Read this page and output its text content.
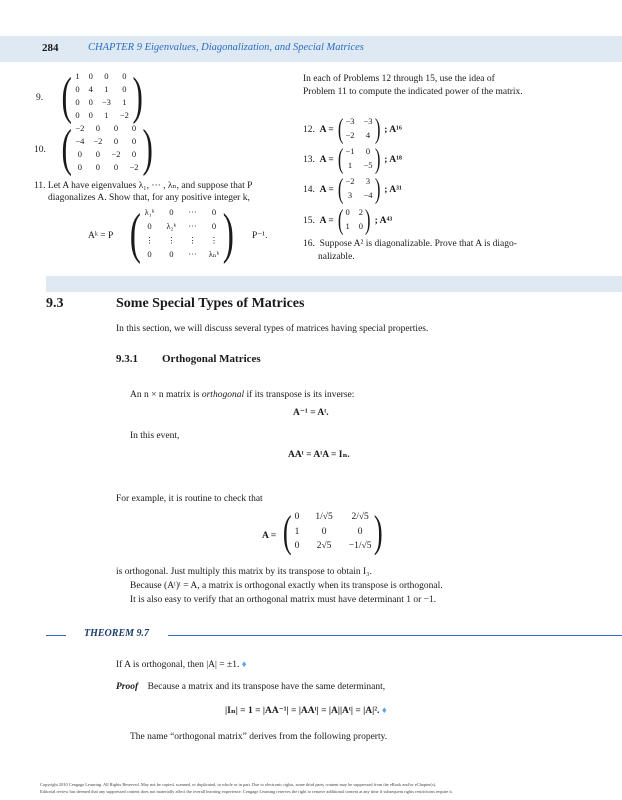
284	CHAPTER 9 Eigenvalues, Diagonalization, and Special Matrices
9. ( 1 0 0 0
0 4 1 0
0 0 −3 1
0 0 1 −2 )
10. ( −2 0 0 0
−4 −2 0 0
0 0 −2 0
0 0 0 −2 )
11. Let A have eigenvalues λ₁, ··· , λₙ, and suppose that P
diagonalizes A. Show that, for any positive integer k,
Aᵏ = P ( λ₁ᵏ	0	···	0
0	λ₂ᵏ ···	0
⋮ ⋮ ⋮ ⋮
0	0	··· λₙᵏ ) P⁻¹.
In each of Problems 12 through 15, use the idea of
Problem 11 to compute the indicated power of the matrix.
12. A = ( −3 −3
−2 4 ) ; A¹⁶
13. A = ( −1 0
1 −5 ) ; A¹⁸
14. A = ( −2 3
3 −4 ) ; A³¹
15. A = ( 0 2
1 0 ) ; A⁴³
16. Suppose A² is diagonalizable. Prove that A is diago-
nalizable.
9.3	Some Special Types of Matrices
In this section, we will discuss several types of matrices having special properties.
9.3.1 Orthogonal Matrices
An n × n matrix is orthogonal if its transpose is its inverse:
A⁻¹ = Aᵗ.
In this event,
AAᵗ = AᵗA = Iₙ.
For example, it is routine to check that
A = ( 0 1/√5 2/√5
1	0	0
0 2√5 −1/√5 )
is orthogonal. Just multiply this matrix by its transpose to obtain I₃.
Because (Aᵗ)ᵗ = A, a matrix is orthogonal exactly when its transpose is orthogonal.
It is also easy to verify that an orthogonal matrix must have determinant 1 or −1.
THEOREM 9.7
If A is orthogonal, then |A| = ±1. ♦
Proof Because a matrix and its transpose have the same determinant,
|Iₙ| = 1 = |AA⁻¹| = |AAᵗ| = |A||Aᵗ| = |A|². ♦
The name “orthogonal matrix” derives from the following property.
Copyright 2010 Cengage Learning. All Rights Reserved. May not be copied, scanned, or duplicated, in whole or in part. Due to electronic rights, some third party content may be suppressed from the eBook and/or eChapter(s).
Editorial review has deemed that any suppressed content does not materially affect the overall learning experience. Cengage Learning reserves the right to remove additional content at any time if subsequent rights restrictions require it.
